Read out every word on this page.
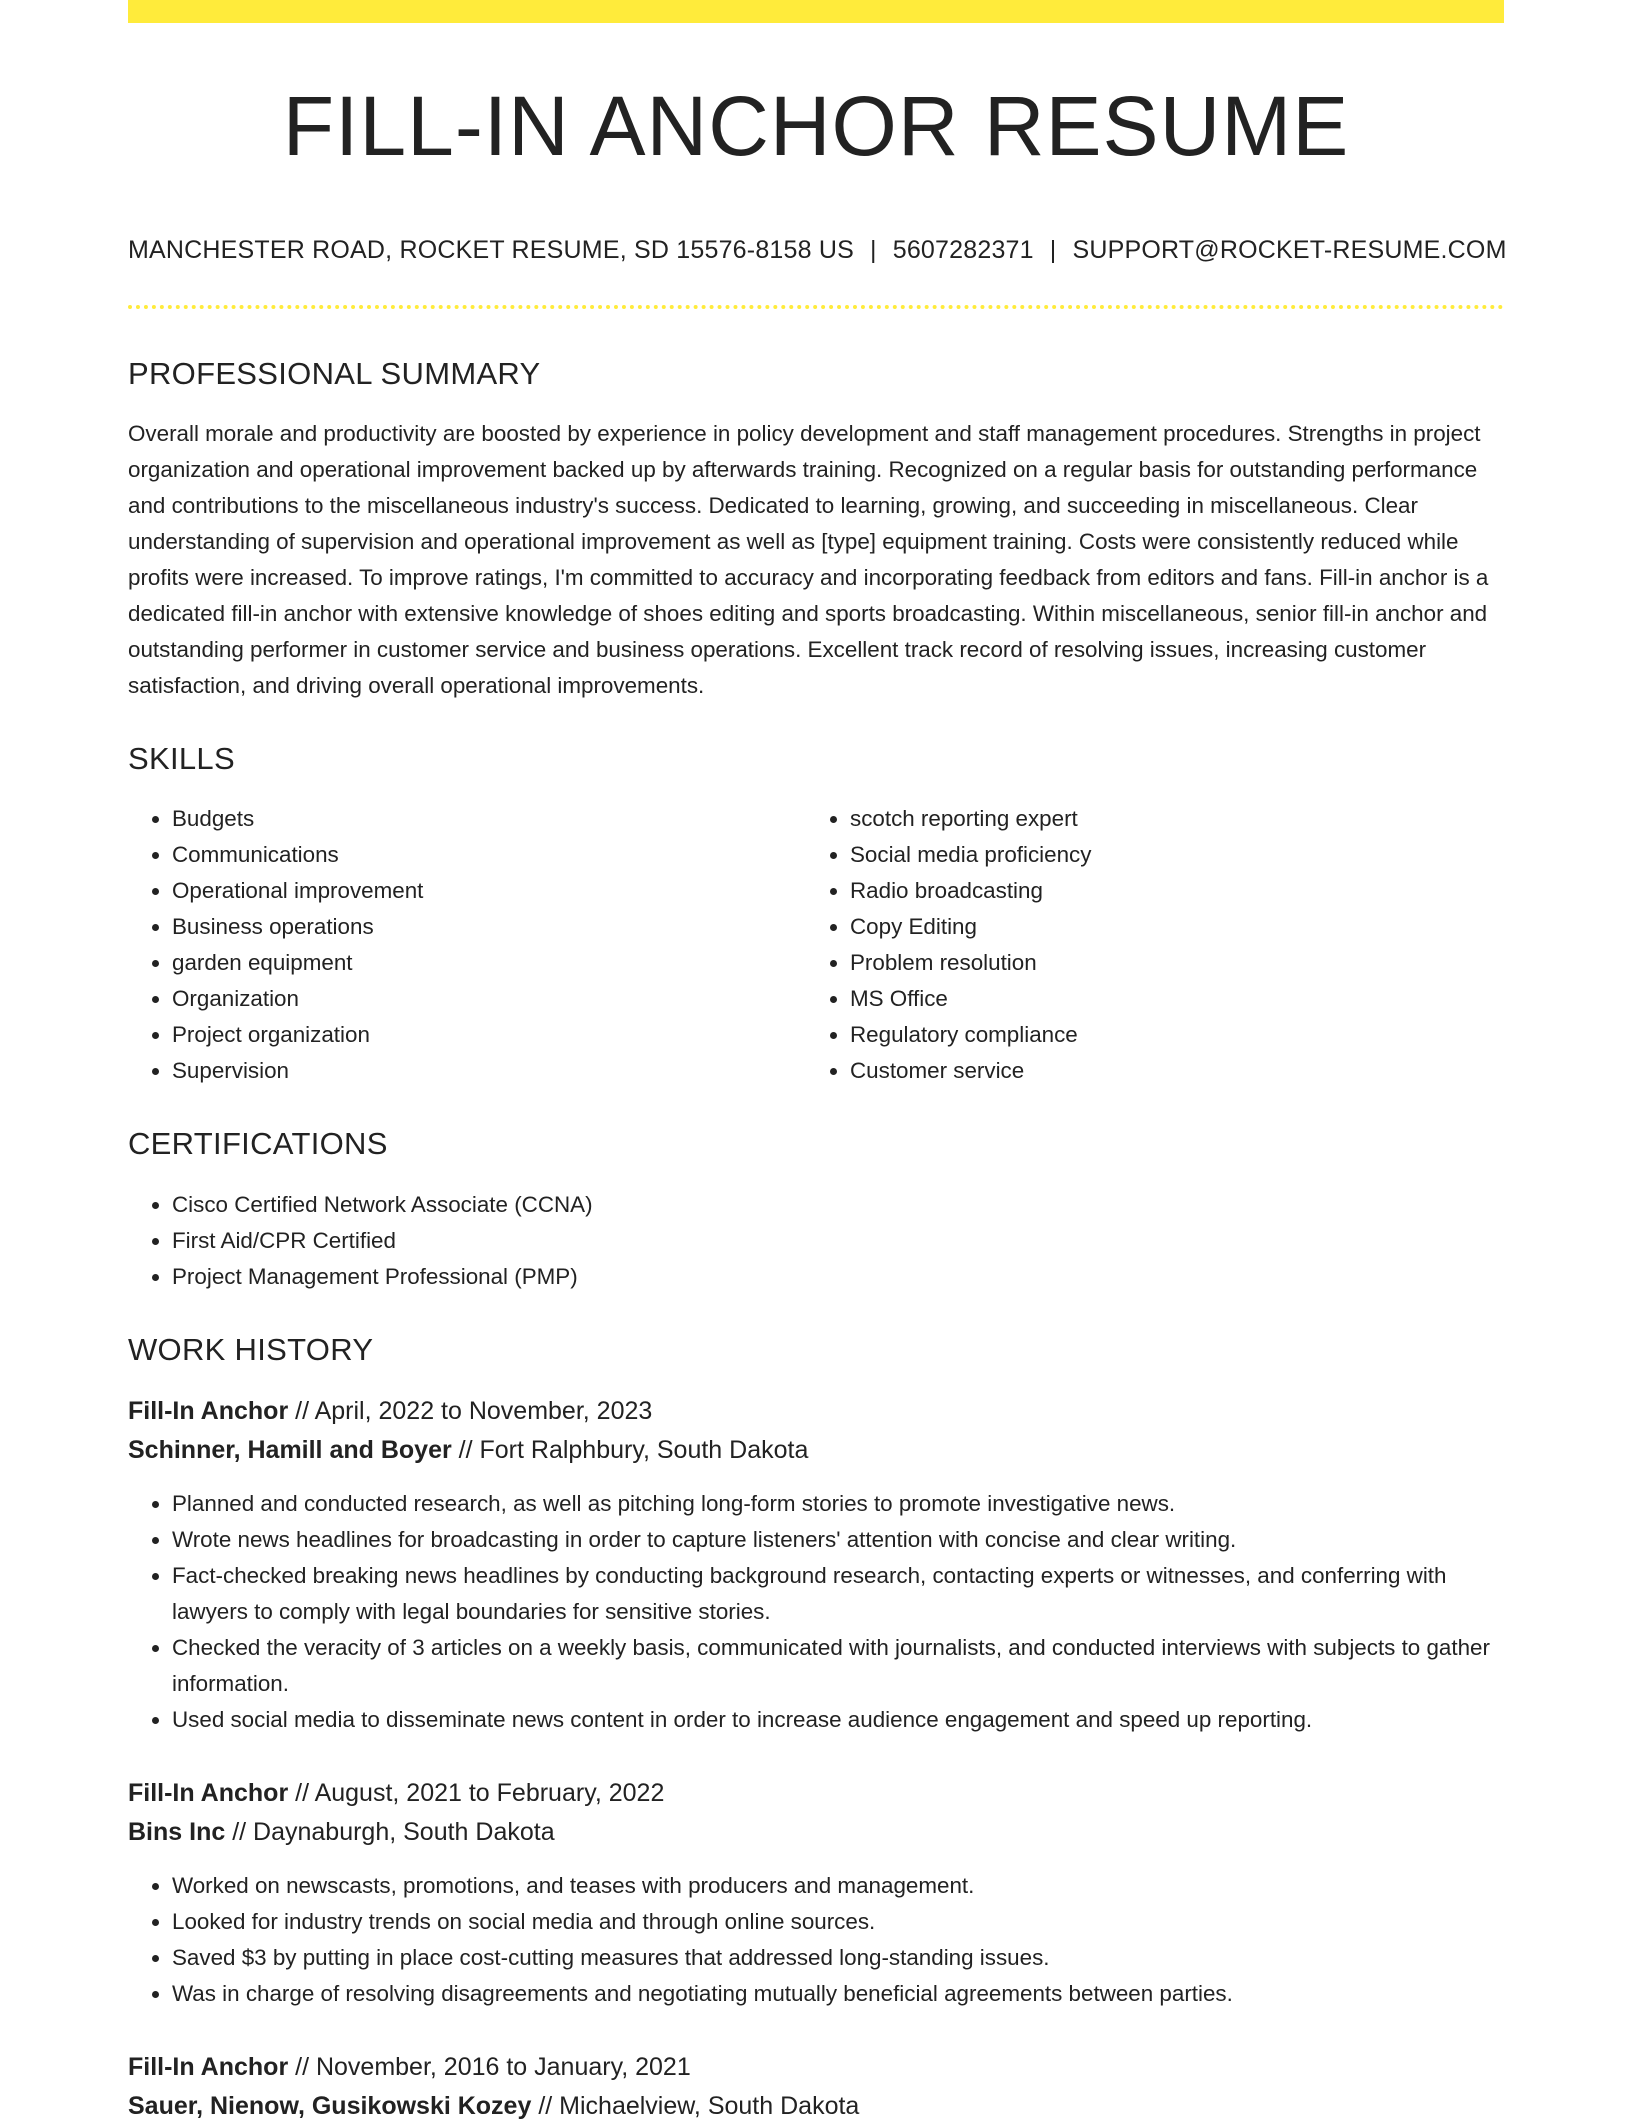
FILL-IN ANCHOR RESUME
MANCHESTER ROAD, ROCKET RESUME, SD 15576-8158 US | 5607282371 | SUPPORT@ROCKET-RESUME.COM
PROFESSIONAL SUMMARY

Overall morale and productivity are boosted by experience in policy development and staff management procedures. Strengths in project organization and operational improvement backed up by afterwards training. Recognized on a regular basis for outstanding performance and contributions to the miscellaneous industry's success. Dedicated to learning, growing, and succeeding in miscellaneous. Clear understanding of supervision and operational improvement as well as [type] equipment training. Costs were consistently reduced while profits were increased. To improve ratings, I'm committed to accuracy and incorporating feedback from editors and fans. Fill-in anchor is a dedicated fill-in anchor with extensive knowledge of shoes editing and sports broadcasting. Within miscellaneous, senior fill-in anchor and outstanding performer in customer service and business operations. Excellent track record of resolving issues, increasing customer satisfaction, and driving overall operational improvements.

SKILLS
• Budgets
• Communications
• Operational improvement
• Business operations
• garden equipment
• Organization
• Project organization
• Supervision
• scotch reporting expert
• Social media proficiency
• Radio broadcasting
• Copy Editing
• Problem resolution
• MS Office
• Regulatory compliance
• Customer service
CERTIFICATIONS
• Cisco Certified Network Associate (CCNA)
• First Aid/CPR Certified
• Project Management Professional (PMP)
WORK HISTORY
Fill-In Anchor // April, 2022 to November, 2023
Schinner, Hamill and Boyer // Fort Ralphbury, South Dakota
• Planned and conducted research, as well as pitching long-form stories to promote investigative news.
• Wrote news headlines for broadcasting in order to capture listeners' attention with concise and clear writing.
• Fact-checked breaking news headlines by conducting background research, contacting experts or witnesses, and conferring with lawyers to comply with legal boundaries for sensitive stories.
• Checked the veracity of 3 articles on a weekly basis, communicated with journalists, and conducted interviews with subjects to gather information.
• Used social media to disseminate news content in order to increase audience engagement and speed up reporting.
Fill-In Anchor // August, 2021 to February, 2022
Bins Inc // Daynaburgh, South Dakota
• Worked on newscasts, promotions, and teases with producers and management.
• Looked for industry trends on social media and through online sources.
• Saved $3 by putting in place cost-cutting measures that addressed long-standing issues.
• Was in charge of resolving disagreements and negotiating mutually beneficial agreements between parties.
Fill-In Anchor // November, 2016 to January, 2021
Sauer, Nienow, Gusikowski Kozey // Michaelview, South Dakota
